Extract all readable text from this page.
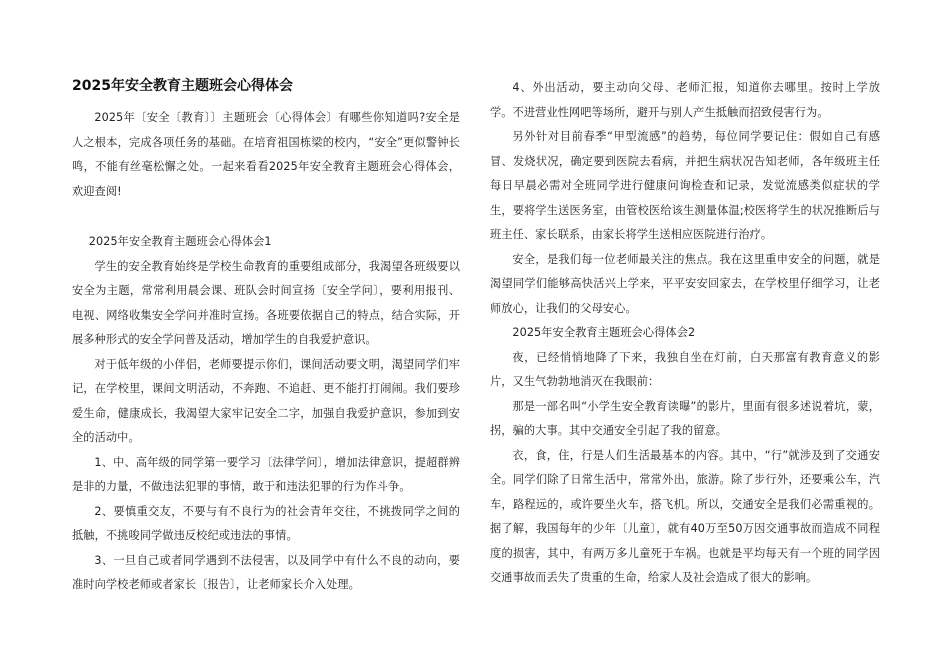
2025年安全教育主题班会心得体会

2025年〔安全〔教育〕〕主题班会〔心得体会〕有哪些你知道吗?安全是人之根本，完成各项任务的基础。在培育祖国栋梁的校内，“安全”更似警钟长鸣，不能有丝毫松懈之处。一起来看看2025年安全教育主题班会心得体会，欢迎查阅!

2025年安全教育主题班会心得体会1

学生的安全教育始终是学校生命教育的重要组成部分，我渴望各班级要以安全为主题，常常利用晨会课、班队会时间宣扬〔安全学问〕，要利用报刊、电视、网络收集安全学问并准时宣扬。各班要依据自己的特点，结合实际，开展多种形式的安全学问普及活动，增加学生的自我爱护意识。

对于低年级的小伴侣，老师要提示你们，课间活动要文明，渴望同学们牢记，在学校里，课间文明活动，不奔跑、不追赶、更不能打打闹闹。我们要珍爱生命，健康成长，我渴望大家牢记安全二字，加强自我爱护意识，参加到安全的活动中。

1、中、高年级的同学第一要学习〔法律学问〕，增加法律意识，提超群辨是非的力量，不做违法犯罪的事情，敢于和违法犯罪的行为作斗争。

2、要慎重交友，不要与有不良行为的社会青年交往，不挑拨同学之间的抵触，不挑唆同学做违反校纪或违法的事情。

3、一旦自己或者同学遇到不法侵害，以及同学中有什么不良的动向，要准时向学校老师或者家长〔报告〕，让老师家长介入处理。

4、外出活动，要主动向父母、老师汇报，知道你去哪里。按时上学放学。不进营业性网吧等场所，避开与别人产生抵触而招致侵害行为。

另外针对目前春季“甲型流感”的趋势，每位同学要记住：假如自己有感冒、发烧状况，确定要到医院去看病，并把生病状况告知老师，各年级班主任每日早晨必需对全班同学进行健康问询检查和记录，发觉流感类似症状的学生，要将学生送医务室，由管校医给该生测量体温;校医将学生的状况推断后与班主任、家长联系，由家长将学生送相应医院进行治疗。

安全，是我们每一位老师最关注的焦点。我在这里重申安全的问题，就是渴望同学们能够高快活兴上学来，平平安安回家去，在学校里仔细学习，让老师放心，让我们的父母安心。

2025年安全教育主题班会心得体会2

夜，已经悄悄地降了下来，我独自坐在灯前，白天那富有教育意义的影片，又生气勃勃地消灭在我眼前：

那是一部名叫“小学生安全教育读曝”的影片，里面有很多述说着坑，蒙，拐，骗的大事。其中交通安全引起了我的留意。

衣，食，住，行是人们生活最基本的内容。其中，“行”就涉及到了交通安全。同学们除了日常生活中，常常外出，旅游。除了步行外，还要乘公车，汽车，路程远的，或许要坐火车，搭飞机。所以，交通安全是我们必需重视的。据了解，我国每年的少年〔儿童〕，就有40万至50万因交通事故而造成不同程度的损害，其中，有两万多儿童死于车祸。也就是平均每天有一个班的同学因交通事故而丢失了贵重的生命，给家人及社会造成了很大的影响。
